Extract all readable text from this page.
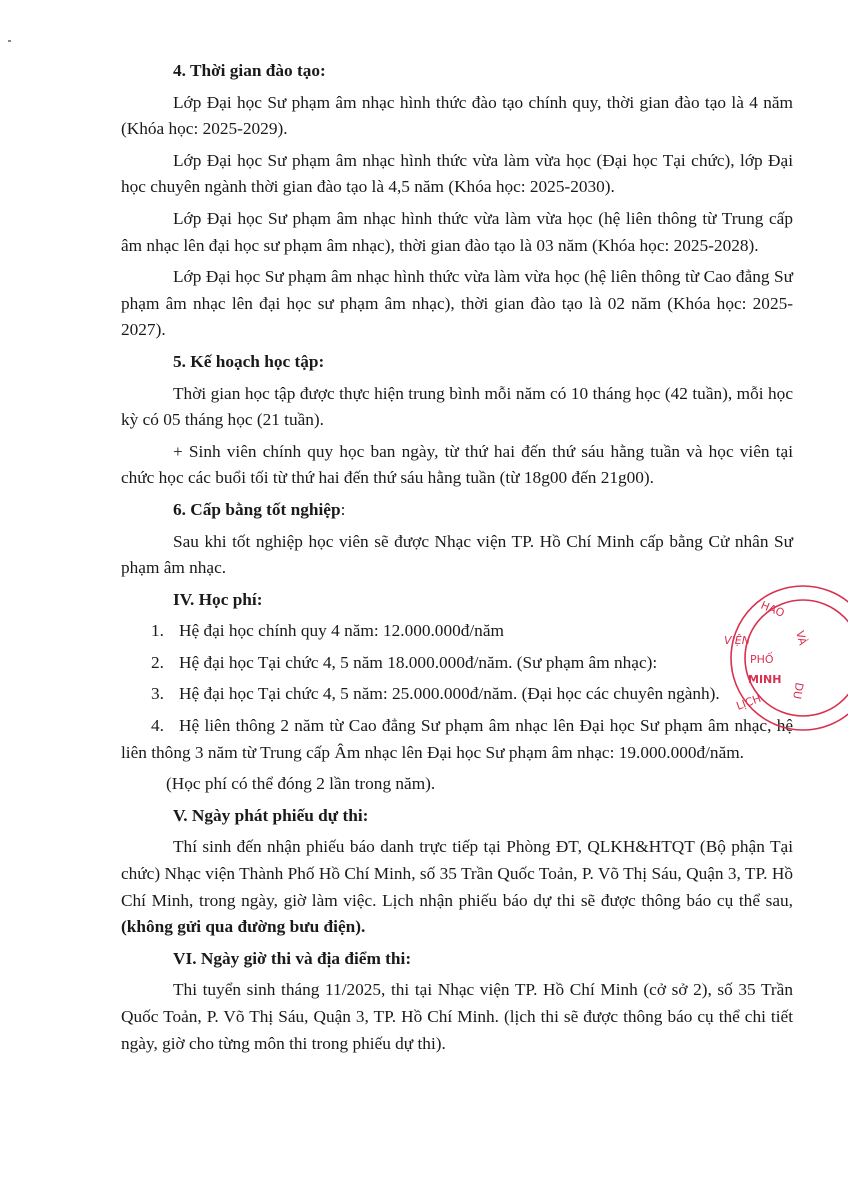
4. Thời gian đào tạo:

Lớp Đại học Sư phạm âm nhạc hình thức đào tạo chính quy, thời gian đào tạo là 4 năm (Khóa học: 2025-2029).

Lớp Đại học Sư phạm âm nhạc hình thức vừa làm vừa học (Đại học Tại chức), lớp Đại học chuyên ngành thời gian đào tạo là 4,5 năm (Khóa học: 2025-2030).

Lớp Đại học Sư phạm âm nhạc hình thức vừa làm vừa học (hệ liên thông từ Trung cấp âm nhạc lên đại học sư phạm âm nhạc), thời gian đào tạo là 03 năm (Khóa học: 2025-2028).

Lớp Đại học Sư phạm âm nhạc hình thức vừa làm vừa học (hệ liên thông từ Cao đẳng Sư phạm âm nhạc lên đại học sư phạm âm nhạc), thời gian đào tạo là 02 năm (Khóa học: 2025-2027).

5. Kế hoạch học tập:

Thời gian học tập được thực hiện trung bình mỗi năm có 10 tháng học (42 tuần), mỗi học kỳ có 05 tháng học (21 tuần).

+ Sinh viên chính quy học ban ngày, từ thứ hai đến thứ sáu hằng tuần và học viên tại chức học các buổi tối từ thứ hai đến thứ sáu hằng tuần (từ 18g00 đến 21g00).

6. Cấp bằng tốt nghiệp:

Sau khi tốt nghiệp học viên sẽ được Nhạc viện TP. Hồ Chí Minh cấp bằng Cử nhân Sư phạm âm nhạc.

IV. Học phí:

1. Hệ đại học chính quy 4 năm: 12.000.000đ/năm
2. Hệ đại học Tại chức 4, 5 năm 18.000.000đ/năm. (Sư phạm âm nhạc):
3. Hệ đại học Tại chức 4, 5 năm: 25.000.000đ/năm. (Đại học các chuyên ngành).
4. Hệ liên thông 2 năm từ Cao đẳng Sư phạm âm nhạc lên Đại học Sư phạm âm nhạc, hệ liên thông 3 năm từ Trung cấp Âm nhạc lên Đại học Sư phạm âm nhạc: 19.000.000đ/năm.

(Học phí có thể đóng 2 lần trong năm).

V. Ngày phát phiếu dự thi:

Thí sinh đến nhận phiếu báo danh trực tiếp tại Phòng ĐT, QLKH&HTQT (Bộ phận Tại chức) Nhạc viện Thành Phố Hồ Chí Minh, số 35 Trần Quốc Toản, P. Võ Thị Sáu, Quận 3, TP. Hồ Chí Minh, trong ngày, giờ làm việc. Lịch nhận phiếu báo dự thi sẽ được thông báo cụ thể sau, (không gửi qua đường bưu điện).

VI. Ngày giờ thi và địa điểm thi:

Thi tuyển sinh tháng 11/2025, thi tại Nhạc viện TP. Hồ Chí Minh (cở sở 2), số 35 Trần Quốc Toản, P. Võ Thị Sáu, Quận 3, TP. Hồ Chí Minh. (lịch thi sẽ được thông báo cụ thể chi tiết ngày, giờ cho từng môn thi trong phiếu dự thi).

HAO
VÀ
DU
LỊCH
VIỆN
PHỐ
MINH
